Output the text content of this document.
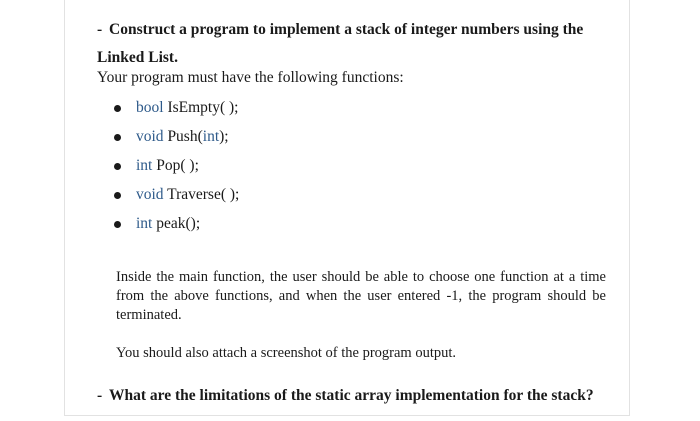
- Construct a program to implement a stack of integer numbers using the Linked List.
Your program must have the following functions:
bool IsEmpty( );
void Push(int);
int Pop( );
void Traverse( );
int peak();
Inside the main function, the user should be able to choose one function at a time from the above functions, and when the user entered -1, the program should be terminated.
You should also attach a screenshot of the program output.
- What are the limitations of the static array implementation for the stack?
